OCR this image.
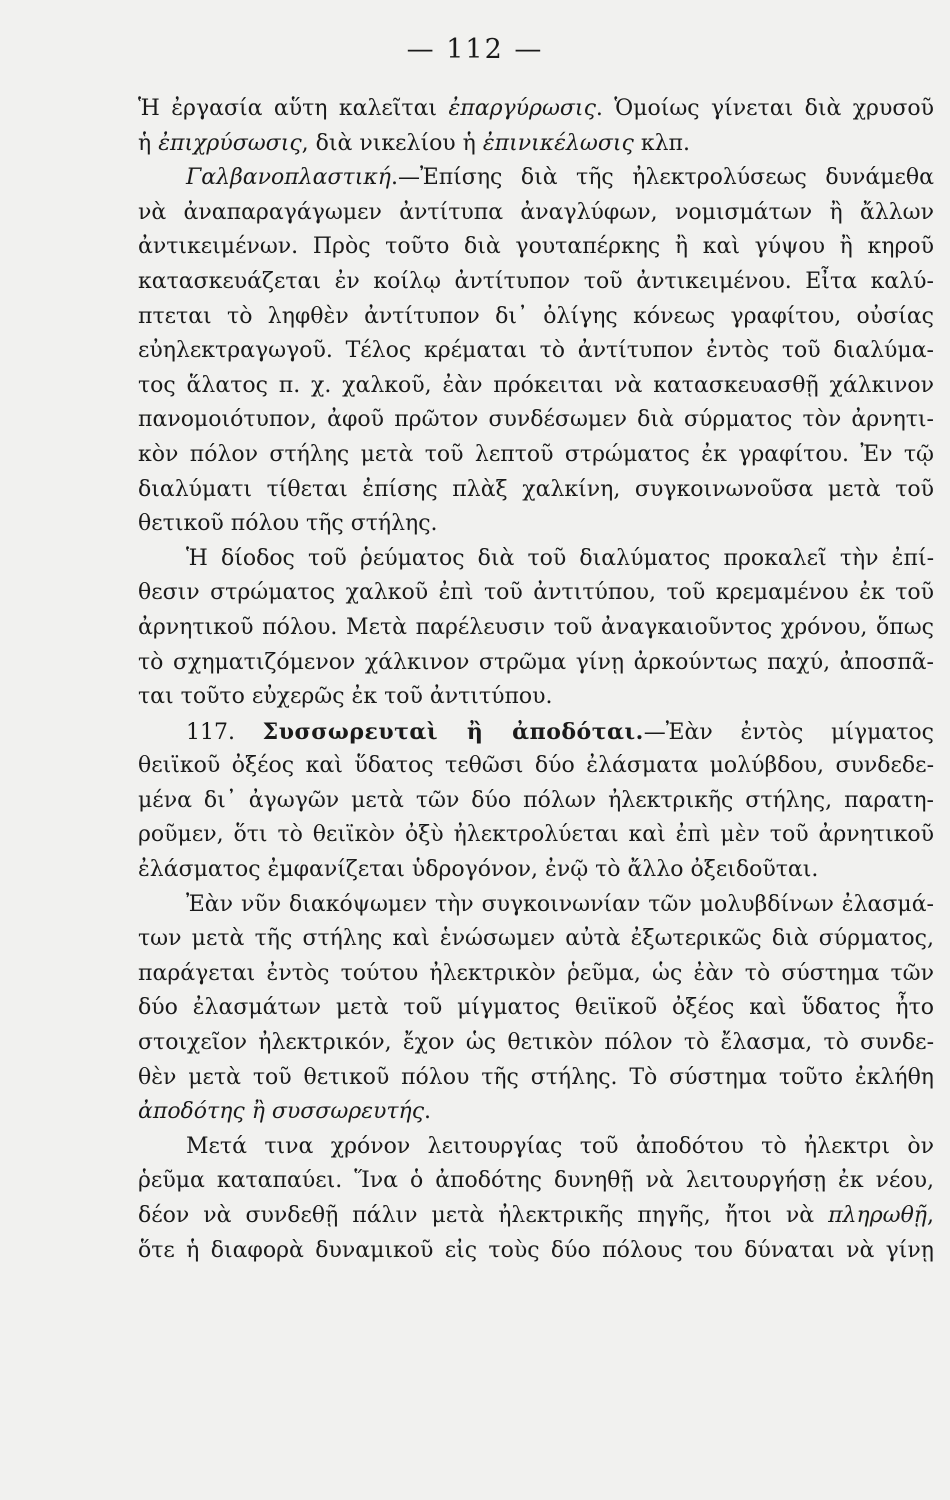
— 112 —
Ἡ ἐργασία αὕτη καλεῖται ἐπαργύρωσις. Ὁμοίως γίνεται διὰ χρυσοῦ
ἡ ἐπιχρύσωσις, διὰ νικελίου ἡ ἐπινικέλωσις κλπ.
Γαλβανοπλαστική.—Ἐπίσης διὰ τῆς ἠλεκτρολύσεως δυνάμεθα
νὰ ἀναπαραγάγωμεν ἀντίτυπα ἀναγλύφων, νομισμάτων ἢ ἄλλων
ἀντικειμένων. Πρὸς τοῦτο διὰ γουταπέρκης ἢ καὶ γύψου ἢ κηροῦ
κατασκευάζεται ἐν κοίλῳ ἀντίτυπον τοῦ ἀντικειμένου. Εἶτα καλύ-
πτεται τὸ ληφθὲν ἀντίτυπον δι᾽ ὀλίγης κόνεως γραφίτου, οὐσίας
εὐηλεκτραγωγοῦ. Τέλος κρέμαται τὸ ἀντίτυπον ἐντὸς τοῦ διαλύμα-
τος ἅλατος π. χ. χαλκοῦ, ἐὰν πρόκειται νὰ κατασκευασθῇ χάλκινον
πανομοιότυπον, ἀφοῦ πρῶτον συνδέσωμεν διὰ σύρματος τὸν ἀρνητι-
κὸν πόλον στήλης μετὰ τοῦ λεπτοῦ στρώματος ἐκ γραφίτου. Ἐν τῷ
διαλύματι τίθεται ἐπίσης πλὰξ χαλκίνη, συγκοινωνοῦσα μετὰ τοῦ
θετικοῦ πόλου τῆς στήλης.
Ἡ δίοδος τοῦ ῥεύματος διὰ τοῦ διαλύματος προκαλεῖ τὴν ἐπί-
θεσιν στρώματος χαλκοῦ ἐπὶ τοῦ ἀντιτύπου, τοῦ κρεμαμένου ἐκ τοῦ
ἀρνητικοῦ πόλου. Μετὰ παρέλευσιν τοῦ ἀναγκαιοῦντος χρόνου, ὅπως
τὸ σχηματιζόμενον χάλκινον στρῶμα γίνῃ ἀρκούντως παχύ, ἀποσπᾶ-
ται τοῦτο εὐχερῶς ἐκ τοῦ ἀντιτύπου.
117. Συσσωρευταὶ ἢ ἀποδόται.—Ἐὰν ἐντὸς μίγματος
θειϊκοῦ ὀξέος καὶ ὕδατος τεθῶσι δύο ἐλάσματα μολύβδου, συνδεδε-
μένα δι᾽ ἀγωγῶν μετὰ τῶν δύο πόλων ἠλεκτρικῆς στήλης, παρατη-
ροῦμεν, ὅτι τὸ θειϊκὸν ὀξὺ ἠλεκτρολύεται καὶ ἐπὶ μὲν τοῦ ἀρνητικοῦ
ἐλάσματος ἐμφανίζεται ὑδρογόνον, ἐνῷ τὸ ἄλλο ὀξειδοῦται.
Ἐὰν νῦν διακόψωμεν τὴν συγκοινωνίαν τῶν μολυβδίνων ἐλασμά-
των μετὰ τῆς στήλης καὶ ἑνώσωμεν αὐτὰ ἐξωτερικῶς διὰ σύρματος,
παράγεται ἐντὸς τούτου ἠλεκτρικὸν ῥεῦμα, ὡς ἐὰν τὸ σύστημα τῶν
δύο ἐλασμάτων μετὰ τοῦ μίγματος θειϊκοῦ ὀξέος καὶ ὕδατος ἦτο
στοιχεῖον ἠλεκτρικόν, ἔχον ὡς θετικὸν πόλον τὸ ἔλασμα, τὸ συνδε-
θὲν μετὰ τοῦ θετικοῦ πόλου τῆς στήλης. Τὸ σύστημα τοῦτο ἐκλήθη
ἀποδότης ἢ συσσωρευτής.
Μετά τινα χρόνον λειτουργίας τοῦ ἀποδότου τὸ ἠλεκτρι ὸν
ῥεῦμα καταπαύει. Ἵνα ὁ ἀποδότης δυνηθῇ νὰ λειτουργήσῃ ἐκ νέου,
δέον νὰ συνδεθῇ πάλιν μετὰ ἠλεκτρικῆς πηγῆς, ἤτοι νὰ πληρωθῇ,
ὅτε ἡ διαφορὰ δυναμικοῦ εἰς τοὺς δύο πόλους του δύναται νὰ γίνῃ
